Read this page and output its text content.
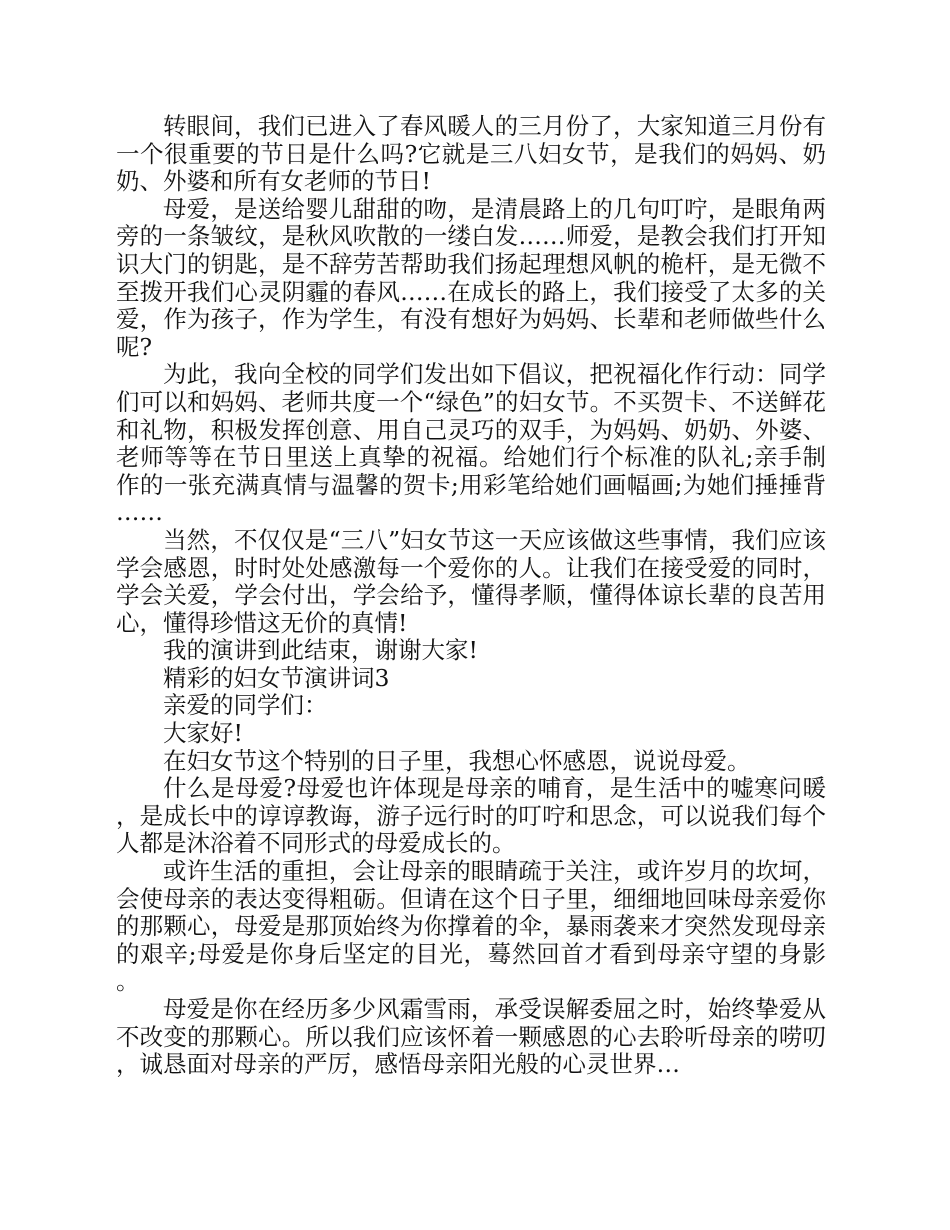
转眼间，我们已进入了春风暖人的三月份了，大家知道三月份有一个很重要的节日是什么吗?它就是三八妇女节，是我们的妈妈、奶奶、外婆和所有女老师的节日!

母爱，是送给婴儿甜甜的吻，是清晨路上的几句叮咛，是眼角两旁的一条皱纹，是秋风吹散的一缕白发……师爱，是教会我们打开知识大门的钥匙，是不辞劳苦帮助我们扬起理想风帆的桅杆，是无微不至拨开我们心灵阴霾的春风……在成长的路上，我们接受了太多的关爱，作为孩子，作为学生，有没有想好为妈妈、长辈和老师做些什么呢?

为此，我向全校的同学们发出如下倡议，把祝福化作行动：同学们可以和妈妈、老师共度一个“绿色”的妇女节。不买贺卡、不送鲜花和礼物，积极发挥创意、用自己灵巧的双手，为妈妈、奶奶、外婆、老师等等在节日里送上真挚的祝福。给她们行个标准的队礼;亲手制作的一张充满真情与温馨的贺卡;用彩笔给她们画幅画;为她们捶捶背……

当然，不仅仅是“三八”妇女节这一天应该做这些事情，我们应该学会感恩，时时处处感激每一个爱你的人。让我们在接受爱的同时，学会关爱，学会付出，学会给予，懂得孝顺，懂得体谅长辈的良苦用心，懂得珍惜这无价的真情!

我的演讲到此结束，谢谢大家!

精彩的妇女节演讲词3

亲爱的同学们：

大家好!

在妇女节这个特别的日子里，我想心怀感恩，说说母爱。

什么是母爱?母爱也许体现是母亲的哺育，是生活中的嘘寒问暖，是成长中的谆谆教诲，游子远行时的叮咛和思念，可以说我们每个人都是沐浴着不同形式的母爱成长的。

或许生活的重担，会让母亲的眼睛疏于关注，或许岁月的坎坷，会使母亲的表达变得粗砺。但请在这个日子里，细细地回味母亲爱你的那颗心，母爱是那顶始终为你撑着的伞，暴雨袭来才突然发现母亲的艰辛;母爱是你身后坚定的目光，蓦然回首才看到母亲守望的身影。

母爱是你在经历多少风霜雪雨，承受误解委屈之时，始终挚爱从不改变的那颗心。所以我们应该怀着一颗感恩的心去聆听母亲的唠叨，诚恳面对母亲的严厉，感悟母亲阳光般的心灵世界…
